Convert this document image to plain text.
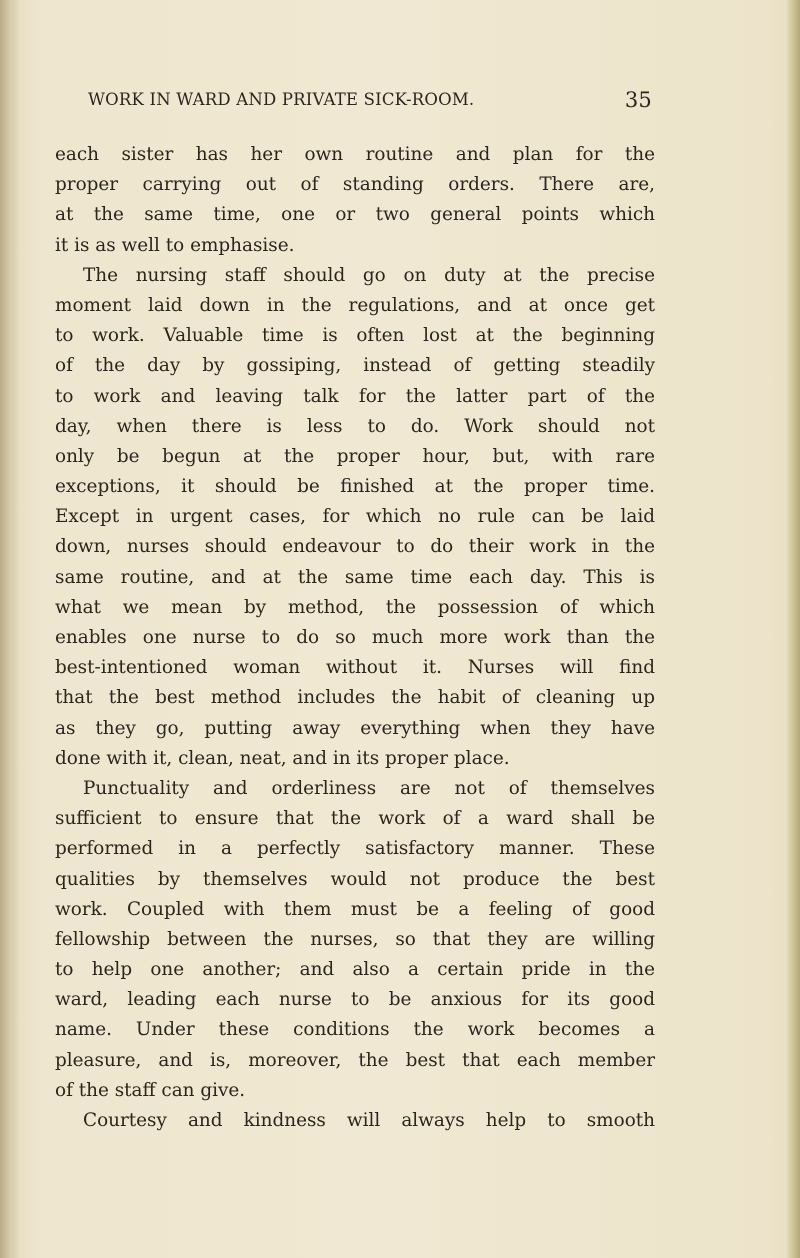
WORK IN WARD AND PRIVATE SICK-ROOM.	35
each sister has her own routine and plan for the
proper carrying out of standing orders. There are,
at the same time, one or two general points which
it is as well to emphasise.
The nursing staff should go on duty at the precise
moment laid down in the regulations, and at once get
to work. Valuable time is often lost at the beginning
of the day by gossiping, instead of getting steadily
to work and leaving talk for the latter part of the
day, when there is less to do. Work should not
only be begun at the proper hour, but, with rare
exceptions, it should be finished at the proper time.
Except in urgent cases, for which no rule can be laid
down, nurses should endeavour to do their work in the
same routine, and at the same time each day. This is
what we mean by method, the possession of which
enables one nurse to do so much more work than the
best-intentioned woman without it. Nurses will find
that the best method includes the habit of cleaning up
as they go, putting away everything when they have
done with it, clean, neat, and in its proper place.
Punctuality and orderliness are not of themselves
sufficient to ensure that the work of a ward shall be
performed in a perfectly satisfactory manner. These
qualities by themselves would not produce the best
work. Coupled with them must be a feeling of good
fellowship between the nurses, so that they are willing
to help one another; and also a certain pride in the
ward, leading each nurse to be anxious for its good
name. Under these conditions the work becomes a
pleasure, and is, moreover, the best that each member
of the staff can give.
Courtesy and kindness will always help to smooth
